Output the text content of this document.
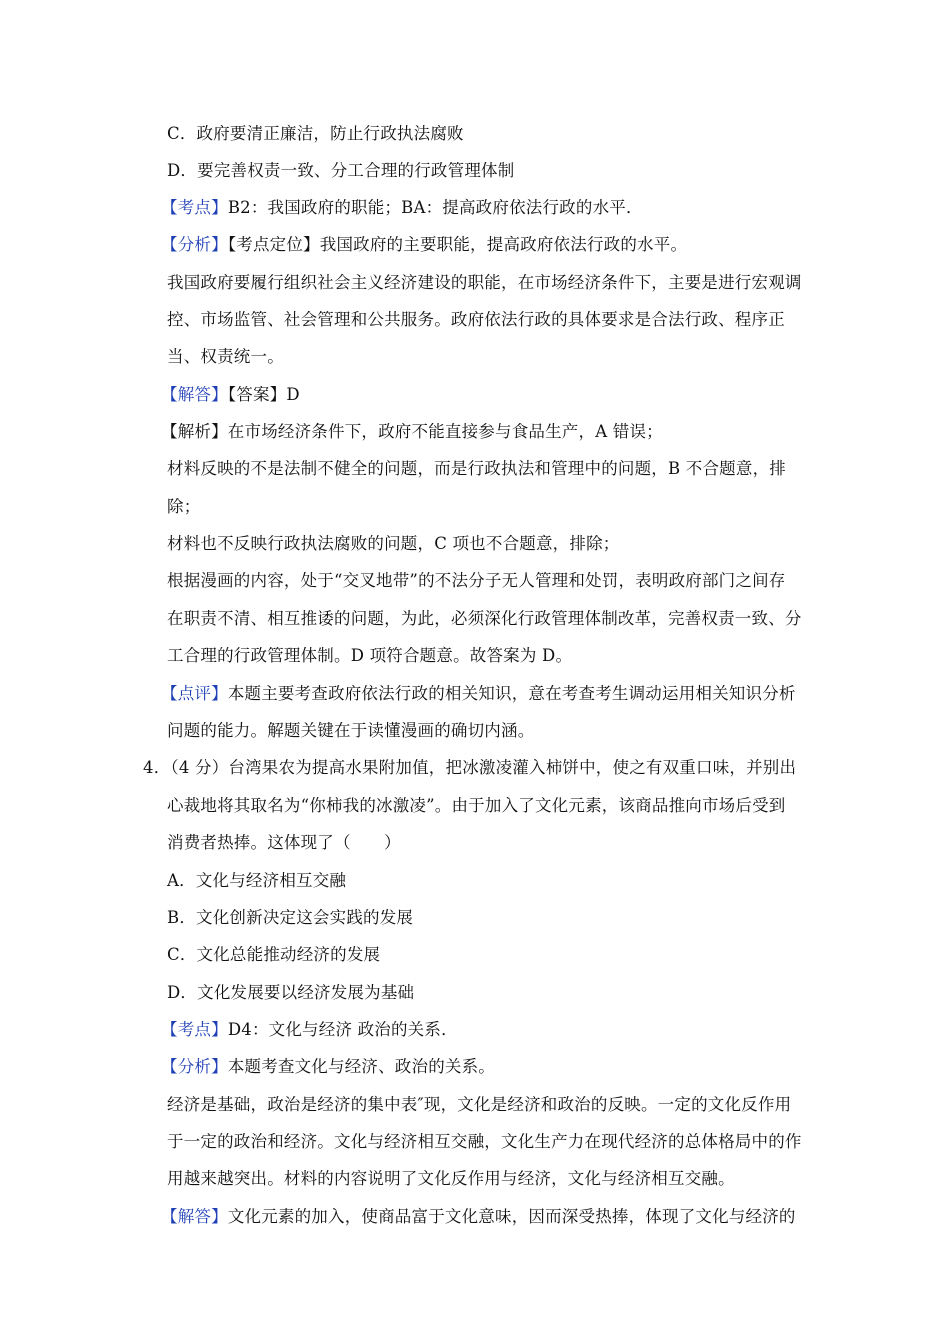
C．政府要清正廉洁，防止行政执法腐败
D．要完善权责一致、分工合理的行政管理体制
【考点】B2：我国政府的职能；BA：提高政府依法行政的水平．
【分析】【考点定位】我国政府的主要职能，提高政府依法行政的水平。
我国政府要履行组织社会主义经济建设的职能，在市场经济条件下，主要是进行宏观调
控、市场监管、社会管理和公共服务。政府依法行政的具体要求是合法行政、程序正
当、权责统一。
【解答】【答案】D
【解析】在市场经济条件下，政府不能直接参与食品生产，A 错误；
材料反映的不是法制不健全的问题，而是行政执法和管理中的问题，B 不合题意，排
除；
材料也不反映行政执法腐败的问题，C 项也不合题意，排除；
根据漫画的内容，处于“交叉地带”的不法分子无人管理和处罚，表明政府部门之间存
在职责不清、相互推诿的问题，为此，必须深化行政管理体制改革，完善权责一致、分
工合理的行政管理体制。D 项符合题意。故答案为 D。
【点评】本题主要考查政府依法行政的相关知识，意在考查考生调动运用相关知识分析
问题的能力。解题关键在于读懂漫画的确切内涵。
4．（4 分）台湾果农为提高水果附加值，把冰激凌灌入柿饼中，使之有双重口味，并别出
心裁地将其取名为“你柿我的冰激凌”。由于加入了文化元素，该商品推向市场后受到
消费者热捧。这体现了（　　）
A．文化与经济相互交融
B．文化创新决定这会实践的发展
C．文化总能推动经济的发展
D．文化发展要以经济发展为基础
【考点】D4：文化与经济 政治的关系．
【分析】本题考查文化与经济、政治的关系。
经济是基础，政治是经济的集中表″现，文化是经济和政治的反映。一定的文化反作用
于一定的政治和经济。文化与经济相互交融，文化生产力在现代经济的总体格局中的作
用越来越突出。材料的内容说明了文化反作用与经济，文化与经济相互交融。
【解答】文化元素的加入，使商品富于文化意味，因而深受热捧，体现了文化与经济的
